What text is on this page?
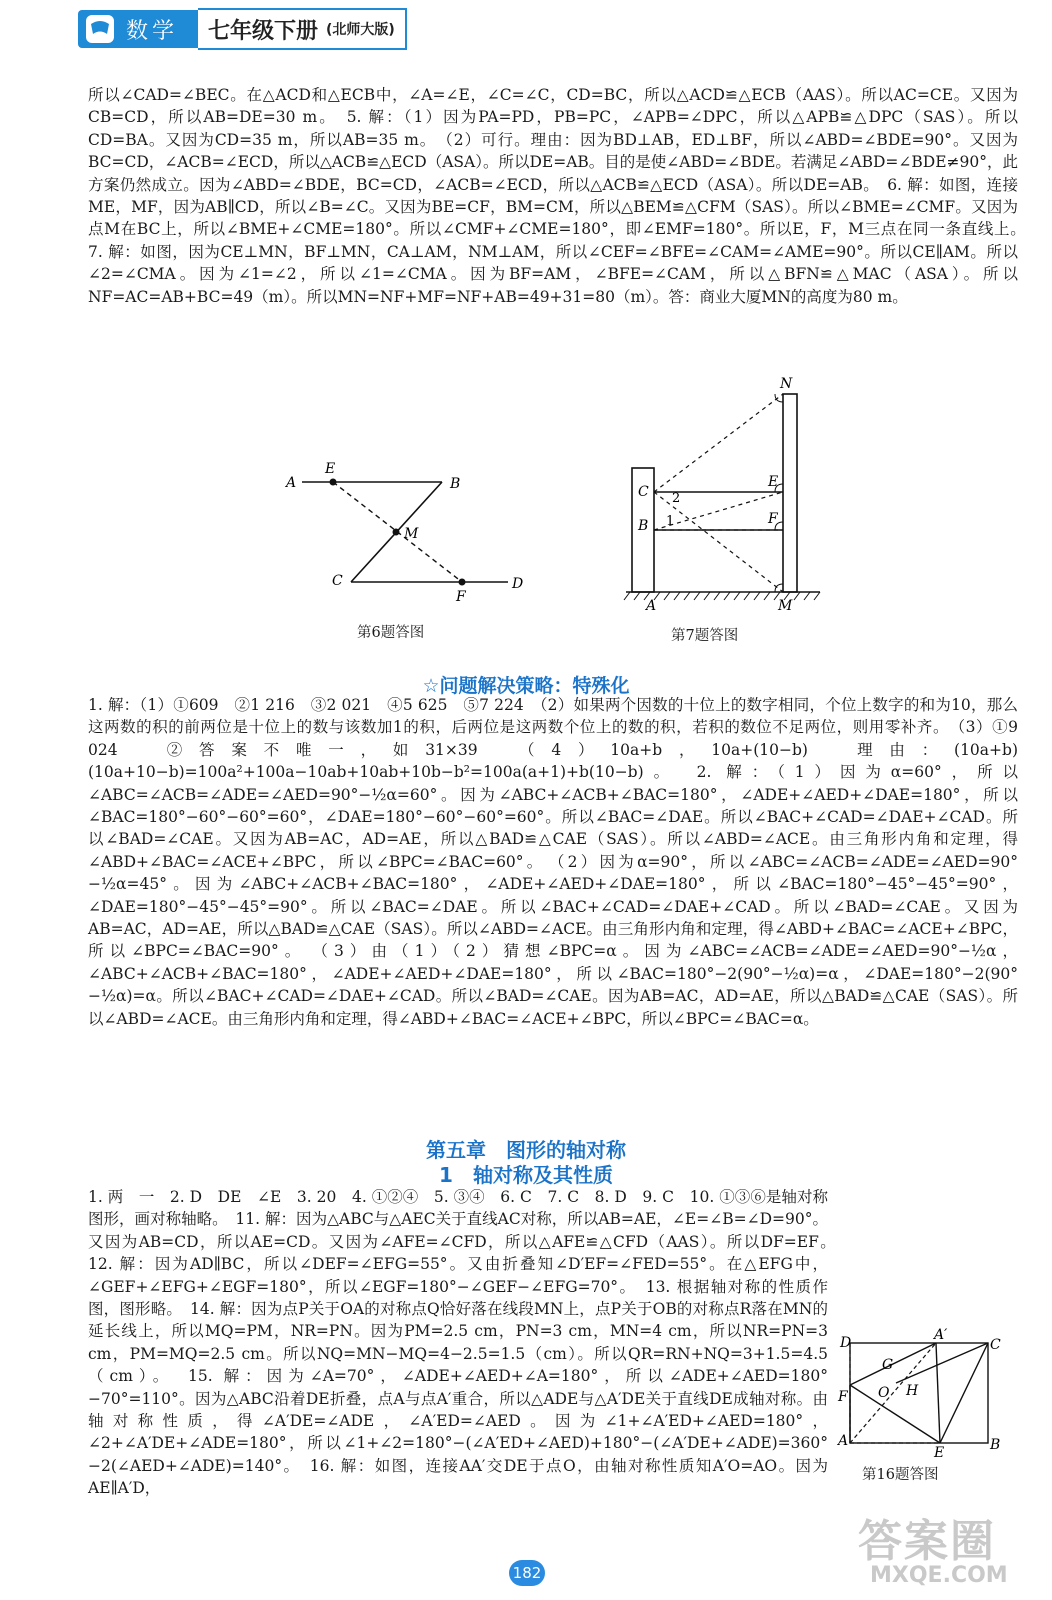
数学 七年级下册 (北师大版)

所以∠CAD=∠BEC。在△ACD和△ECB中，∠A=∠E，∠C=∠C，CD=BC，所以△ACD≌△ECB（AAS）。所以AC=CE。又因为CB=CD，所以AB=DE=30 m。　5. 解：（1）因为PA=PD，PB=PC，∠APB=∠DPC，所以△APB≌△DPC（SAS）。所以CD=BA。又因为CD=35 m，所以AB=35 m。　（2）可行。理由：因为BD⊥AB，ED⊥BF，所以∠ABD=∠BDE=90°。又因为BC=CD，∠ACB=∠ECD，所以△ACB≌△ECD（ASA）。所以DE=AB。目的是使∠ABD=∠BDE。若满足∠ABD=∠BDE≠90°，此方案仍然成立。因为∠ABD=∠BDE，BC=CD，∠ACB=∠ECD，所以△ACB≌△ECD（ASA）。所以DE=AB。　6. 解：如图，连接ME，MF，因为AB∥CD，所以∠B=∠C。又因为BE=CF，BM=CM，所以△BEM≌△CFM（SAS）。所以∠BME=∠CMF。又因为点M在BC上，所以∠BME+∠CME=180°。所以∠CMF+∠CME=180°，即∠EMF=180°。所以E，F，M三点在同一条直线上。　7. 解：如图，因为CE⊥MN，BF⊥MN，CA⊥AM，NM⊥AM，所以∠CEF=∠BFE=∠CAM=∠AME=90°。所以CE∥AM。所以∠2=∠CMA。因为∠1=∠2，所以∠1=∠CMA。因为BF=AM，∠BFE=∠CAM，所以△BFN≌△MAC（ASA）。所以NF=AC=AB+BC=49（m）。所以MN=NF+MF=NF+AB=49+31=80（m）。答：商业大厦MN的高度为80 m。

A
E
B
M
C
F
D
第6题答图
N
C
E
B	F
A	M
1
2
第7题答图
☆问题解决策略：特殊化

1. 解：（1）①609　②1 216　③2 021　④5 625　⑤7 224　（2）如果两个因数的十位上的数字相同，个位上数字的和为10，那么这两数的积的前两位是十位上的数与该数加1的积，后两位是这两数个位上的数的积，若积的数位不足两位，则用零补齐。　（3）①9 024　②答案不唯一，如31×39　（4）10a+b，10a+(10−b)　理由：(10a+b)(10a+10−b)=100a²+100a−10ab+10ab+10b−b²=100a(a+1)+b(10−b)。　2. 解：（1）因为α=60°，所以∠ABC=∠ACB=∠ADE=∠AED=90°−½α=60°。因为∠ABC+∠ACB+∠BAC=180°，∠ADE+∠AED+∠DAE=180°，所以∠BAC=180°−60°−60°=60°，∠DAE=180°−60°−60°=60°。所以∠BAC=∠DAE。所以∠BAC+∠CAD=∠DAE+∠CAD。所以∠BAD=∠CAE。又因为AB=AC，AD=AE，所以△BAD≌△CAE（SAS）。所以∠ABD=∠ACE。由三角形内角和定理，得∠ABD+∠BAC=∠ACE+∠BPC，所以∠BPC=∠BAC=60°。　（2）因为α=90°，所以∠ABC=∠ACB=∠ADE=∠AED=90°−½α=45°。因为∠ABC+∠ACB+∠BAC=180°，∠ADE+∠AED+∠DAE=180°，所以∠BAC=180°−45°−45°=90°，∠DAE=180°−45°−45°=90°。所以∠BAC=∠DAE。所以∠BAC+∠CAD=∠DAE+∠CAD。所以∠BAD=∠CAE。又因为AB=AC，AD=AE，所以△BAD≌△CAE（SAS）。所以∠ABD=∠ACE。由三角形内角和定理，得∠ABD+∠BAC=∠ACE+∠BPC，所以∠BPC=∠BAC=90°。　（3）由（1）（2）猜想∠BPC=α。因为∠ABC=∠ACB=∠ADE=∠AED=90°−½α，∠ABC+∠ACB+∠BAC=180°，∠ADE+∠AED+∠DAE=180°，所以∠BAC=180°−2(90°−½α)=α，∠DAE=180°−2(90°−½α)=α。所以∠BAC+∠CAD=∠DAE+∠CAD。所以∠BAD=∠CAE。因为AB=AC，AD=AE，所以△BAD≌△CAE（SAS）。所以∠ABD=∠ACE。由三角形内角和定理，得∠ABD+∠BAC=∠ACE+∠BPC，所以∠BPC=∠BAC=α。

第五章　图形的轴对称
1　轴对称及其性质

1. 两　一　2. D　DE　∠E　3. 20　4. ①②④　5. ③④　6. C　7. C　8. D　9. C　10. ①③⑥是轴对称图形，画对称轴略。　11. 解：因为△ABC与△AEC关于直线AC对称，所以AB=AE，∠E=∠B=∠D=90°。又因为AB=CD，所以AE=CD。又因为∠AFE=∠CFD，所以△AFE≌△CFD（AAS）。所以DF=EF。　12. 解：因为AD∥BC，所以∠DEF=∠EFG=55°。又由折叠知∠D′EF=∠FED=55°。在△EFG中，∠GEF+∠EFG+∠EGF=180°，所以∠EGF=180°−∠GEF−∠EFG=70°。　13. 根据轴对称的性质作图，图形略。　14. 解：因为点P关于OA的对称点Q恰好落在线段MN上，点P关于OB的对称点R落在MN的延长线上，所以MQ=PM，NR=PN。因为PM=2.5 cm，PN=3 cm，MN=4 cm，所以NR=PN=3 cm，PM=MQ=2.5 cm。所以NQ=MN−MQ=4−2.5=1.5（cm）。所以QR=RN+NQ=3+1.5=4.5（cm）。　15. 解：因为∠A=70°，∠ADE+∠AED+∠A=180°，所以∠ADE+∠AED=180°−70°=110°。因为△ABC沿着DE折叠，点A与点A′重合，所以△ADE与△A′DE关于直线DE成轴对称。由轴对称性质，得∠A′DE=∠ADE，∠A′ED=∠AED。因为∠1+∠A′ED+∠AED=180°，∠2+∠A′DE+∠ADE=180°，所以∠1+∠2=180°−(∠A′ED+∠AED)+180°−(∠A′DE+∠ADE)=360°−2(∠AED+∠ADE)=140°。　16. 解：如图，连接AA′交DE于点O，由轴对称性质知A′O=AO。因为AE∥A′D，

D	A′
C
G
F O H
A
E	B
第16题答图
182
答案圈
MXQE.COM
